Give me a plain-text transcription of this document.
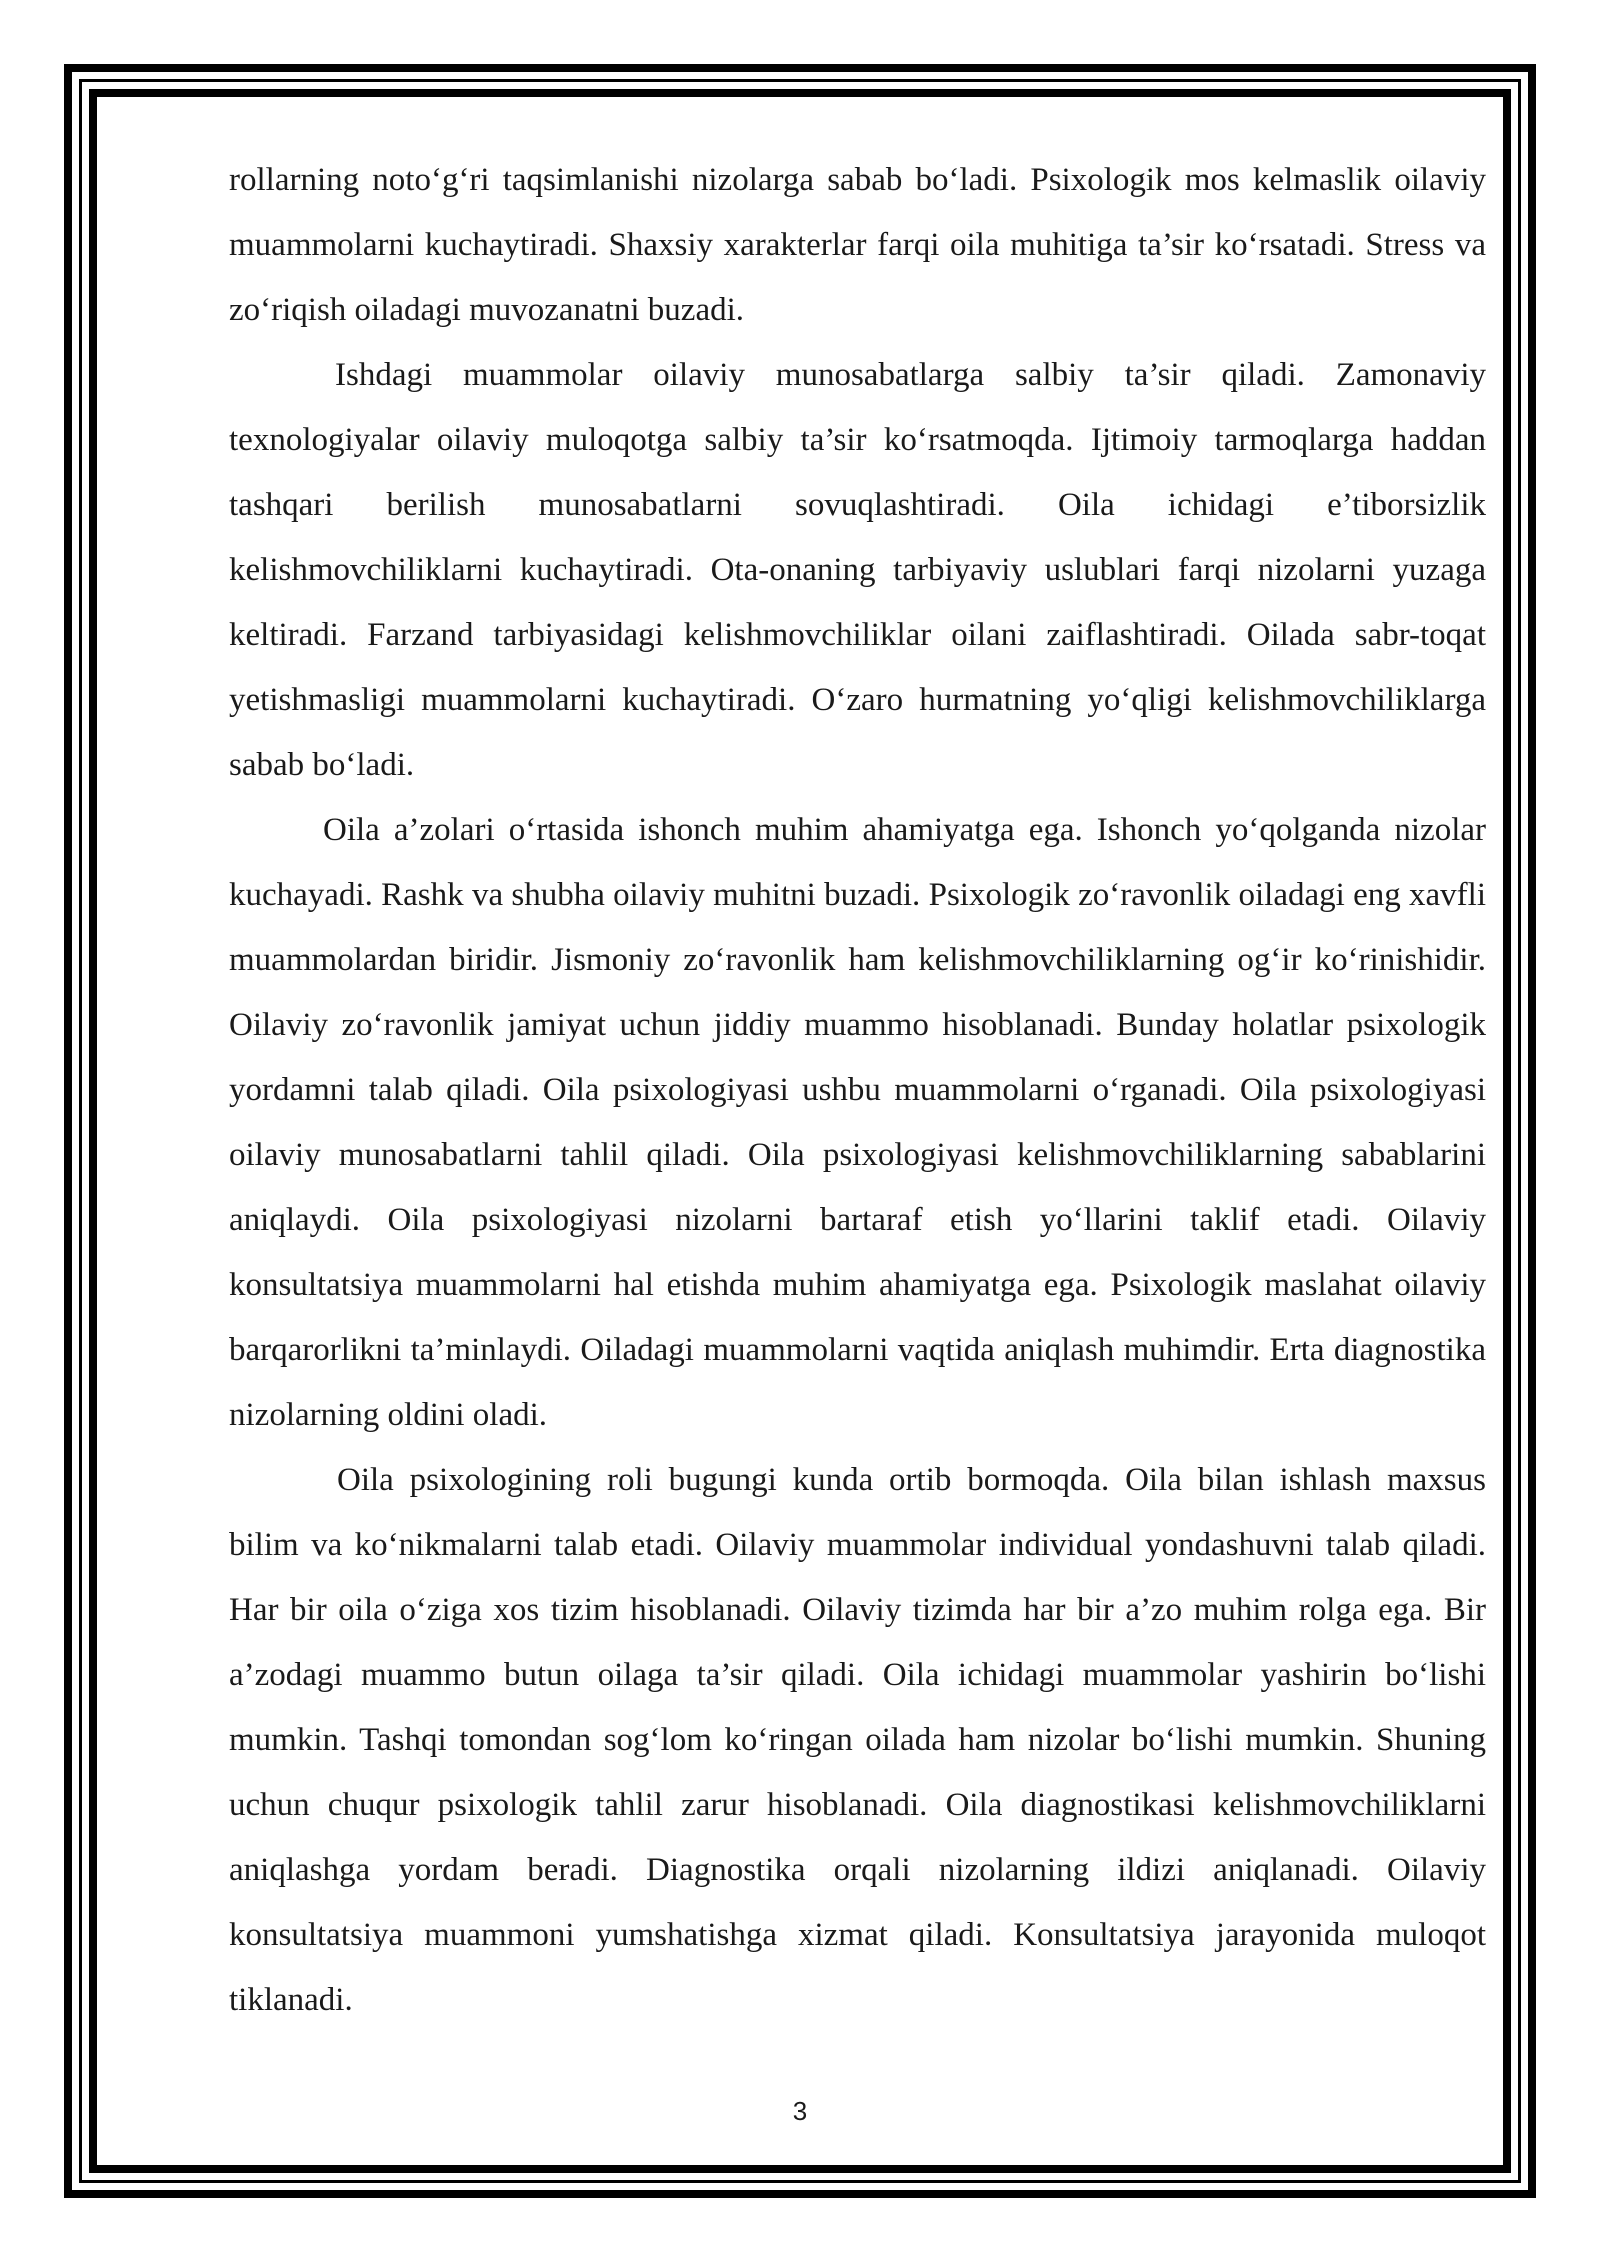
rollarning noto‘g‘ri taqsimlanishi nizolarga sabab bo‘ladi. Psixologik mos kelmaslik oilaviy muammolarni kuchaytiradi. Shaxsiy xarakterlar farqi oila muhitiga ta’sir ko‘rsatadi. Stress va zo‘riqish oiladagi muvozanatni buzadi.

Ishdagi muammolar oilaviy munosabatlarga salbiy ta’sir qiladi. Zamonaviy texnologiyalar oilaviy muloqotga salbiy ta’sir ko‘rsatmoqda. Ijtimoiy tarmoqlarga haddan tashqari berilish munosabatlarni sovuqlashtiradi. Oila ichidagi e’tiborsizlik kelishmovchiliklarni kuchaytiradi. Ota-onaning tarbiyaviy uslublari farqi nizolarni yuzaga keltiradi. Farzand tarbiyasidagi kelishmovchiliklar oilani zaiflashtiradi. Oilada sabr-toqat yetishmasligi muammolarni kuchaytiradi. O‘zaro hurmatning yo‘qligi kelishmovchiliklarga sabab bo‘ladi.

Oila a’zolari o‘rtasida ishonch muhim ahamiyatga ega. Ishonch yo‘qolganda nizolar kuchayadi. Rashk va shubha oilaviy muhitni buzadi. Psixologik zo‘ravonlik oiladagi eng xavfli muammolardan biridir. Jismoniy zo‘ravonlik ham kelishmovchiliklarning og‘ir ko‘rinishidir. Oilaviy zo‘ravonlik jamiyat uchun jiddiy muammo hisoblanadi. Bunday holatlar psixologik yordamni talab qiladi. Oila psixologiyasi ushbu muammolarni o‘rganadi. Oila psixologiyasi oilaviy munosabatlarni tahlil qiladi. Oila psixologiyasi kelishmovchiliklarning sabablarini aniqlaydi. Oila psixologiyasi nizolarni bartaraf etish yo‘llarini taklif etadi. Oilaviy konsultatsiya muammolarni hal etishda muhim ahamiyatga ega. Psixologik maslahat oilaviy barqarorlikni ta’minlaydi. Oiladagi muammolarni vaqtida aniqlash muhimdir. Erta diagnostika nizolarning oldini oladi.

Oila psixologining roli bugungi kunda ortib bormoqda. Oila bilan ishlash maxsus bilim va ko‘nikmalarni talab etadi. Oilaviy muammolar individual yondashuvni talab qiladi. Har bir oila o‘ziga xos tizim hisoblanadi. Oilaviy tizimda har bir a’zo muhim rolga ega. Bir a’zodagi muammo butun oilaga ta’sir qiladi. Oila ichidagi muammolar yashirin bo‘lishi mumkin. Tashqi tomondan sog‘lom ko‘ringan oilada ham nizolar bo‘lishi mumkin. Shuning uchun chuqur psixologik tahlil zarur hisoblanadi. Oila diagnostikasi kelishmovchiliklarni aniqlashga yordam beradi. Diagnostika orqali nizolarning ildizi aniqlanadi. Oilaviy konsultatsiya muammoni yumshatishga xizmat qiladi. Konsultatsiya jarayonida muloqot tiklanadi.

3
